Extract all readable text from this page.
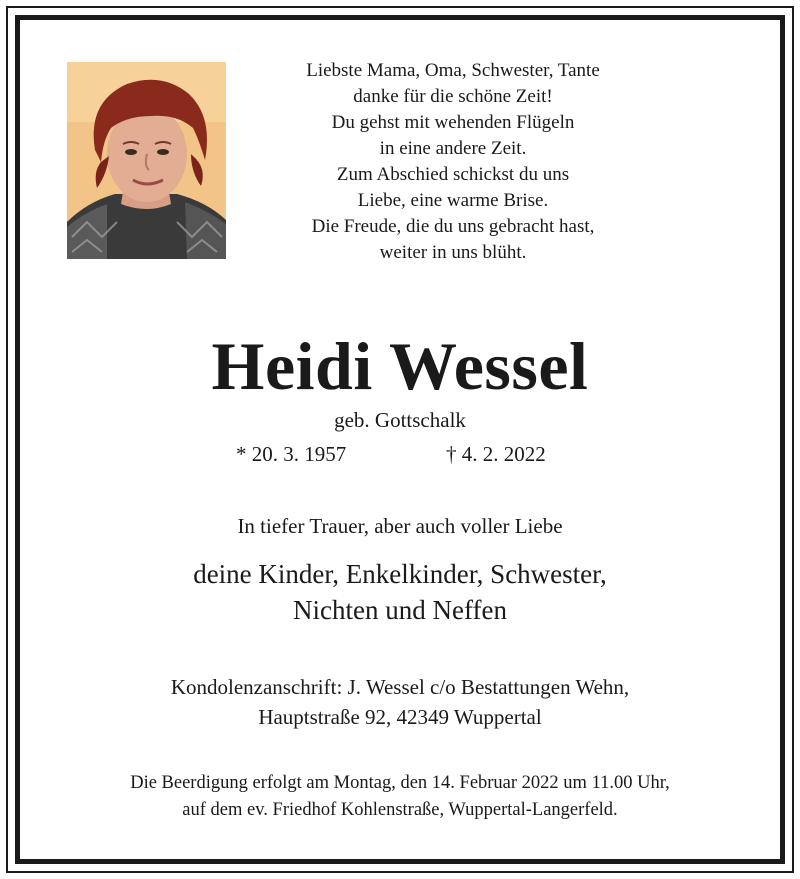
Liebste Mama, Oma, Schwester, Tante
danke für die schöne Zeit!
Du gehst mit wehenden Flügeln
in eine andere Zeit.
Zum Abschied schickst du uns
Liebe, eine warme Brise.
Die Freude, die du uns gebracht hast,
weiter in uns blüht.
Heidi Wessel
geb. Gottschalk
* 20. 3. 1957	† 4. 2. 2022
In tiefer Trauer, aber auch voller Liebe
deine Kinder, Enkelkinder, Schwester,
Nichten und Neffen
Kondolenzanschrift: J. Wessel c/o Bestattungen Wehn,
Hauptstraße 92, 42349 Wuppertal
Die Beerdigung erfolgt am Montag, den 14. Februar 2022 um 11.00 Uhr,
auf dem ev. Friedhof Kohlenstraße, Wuppertal-Langerfeld.
